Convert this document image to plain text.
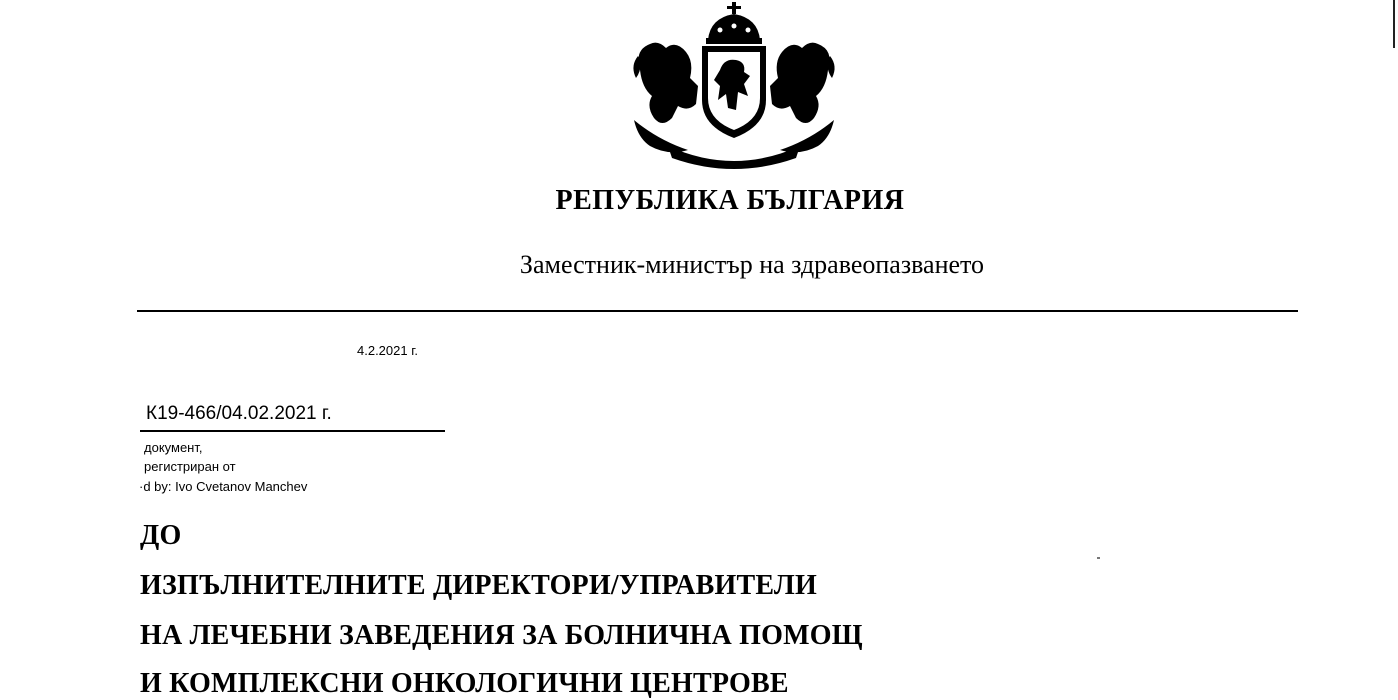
РЕПУБЛИКА БЪЛГАРИЯ
Заместник-министър на здравеопазването
4.2.2021 г.
К19-466/04.02.2021 г.
документ,
регистриран от
·d by: Ivo Cvetanov Manchev
ДО
ИЗПЪЛНИТЕЛНИТЕ ДИРЕКТОРИ/УПРАВИТЕЛИ
НА ЛЕЧЕБНИ ЗАВЕДЕНИЯ ЗА БОЛНИЧНА ПОМОЩ
И КОМПЛЕКСНИ ОНКОЛОГИЧНИ ЦЕНТРОВЕ
